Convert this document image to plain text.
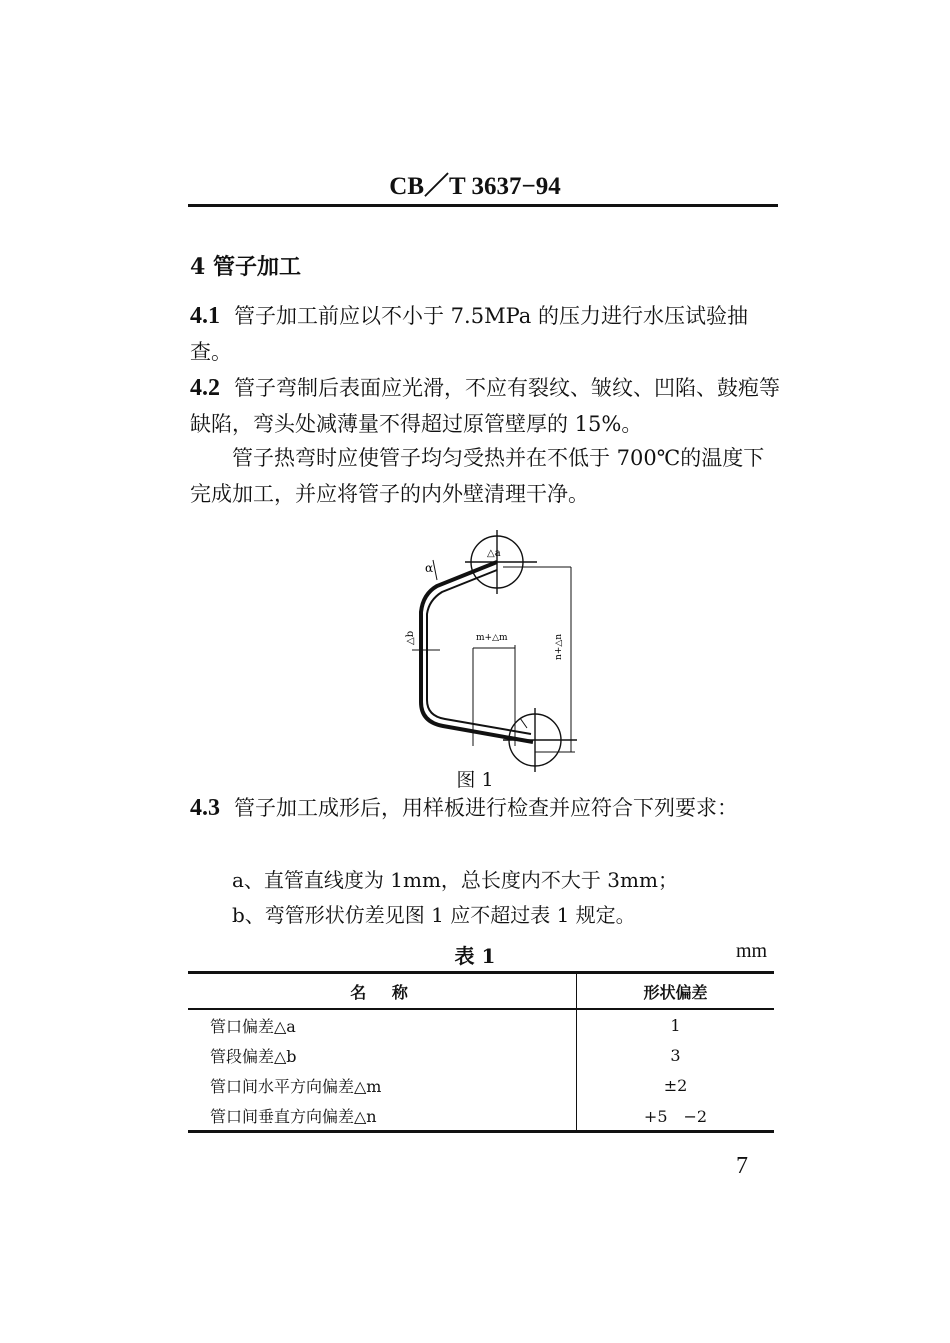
CB／T 3637−94
4 管子加工
4.1 管子加工前应以不小于 7.5MPa 的压力进行水压试验抽查。
4.2 管子弯制后表面应光滑，不应有裂纹、皱纹、凹陷、鼓疱等缺陷，弯头处减薄量不得超过原管壁厚的 15%。
管子热弯时应使管子均匀受热并在不低于 700℃的温度下完成加工，并应将管子的内外壁清理干净。
m+△m	n+△n
△b
△a
α
图 1
4.3 管子加工成形后，用样板进行检查并应符合下列要求：
a、直管直线度为 1mm，总长度内不大于 3mm；
b、弯管形状仿差见图 1 应不超过表 1 规定。
表 1	mm
名　称	形状偏差
管口偏差△a	1
管段偏差△b	3
管口间水平方向偏差△m	±2
管口间垂直方向偏差△n	+5　−2
7
